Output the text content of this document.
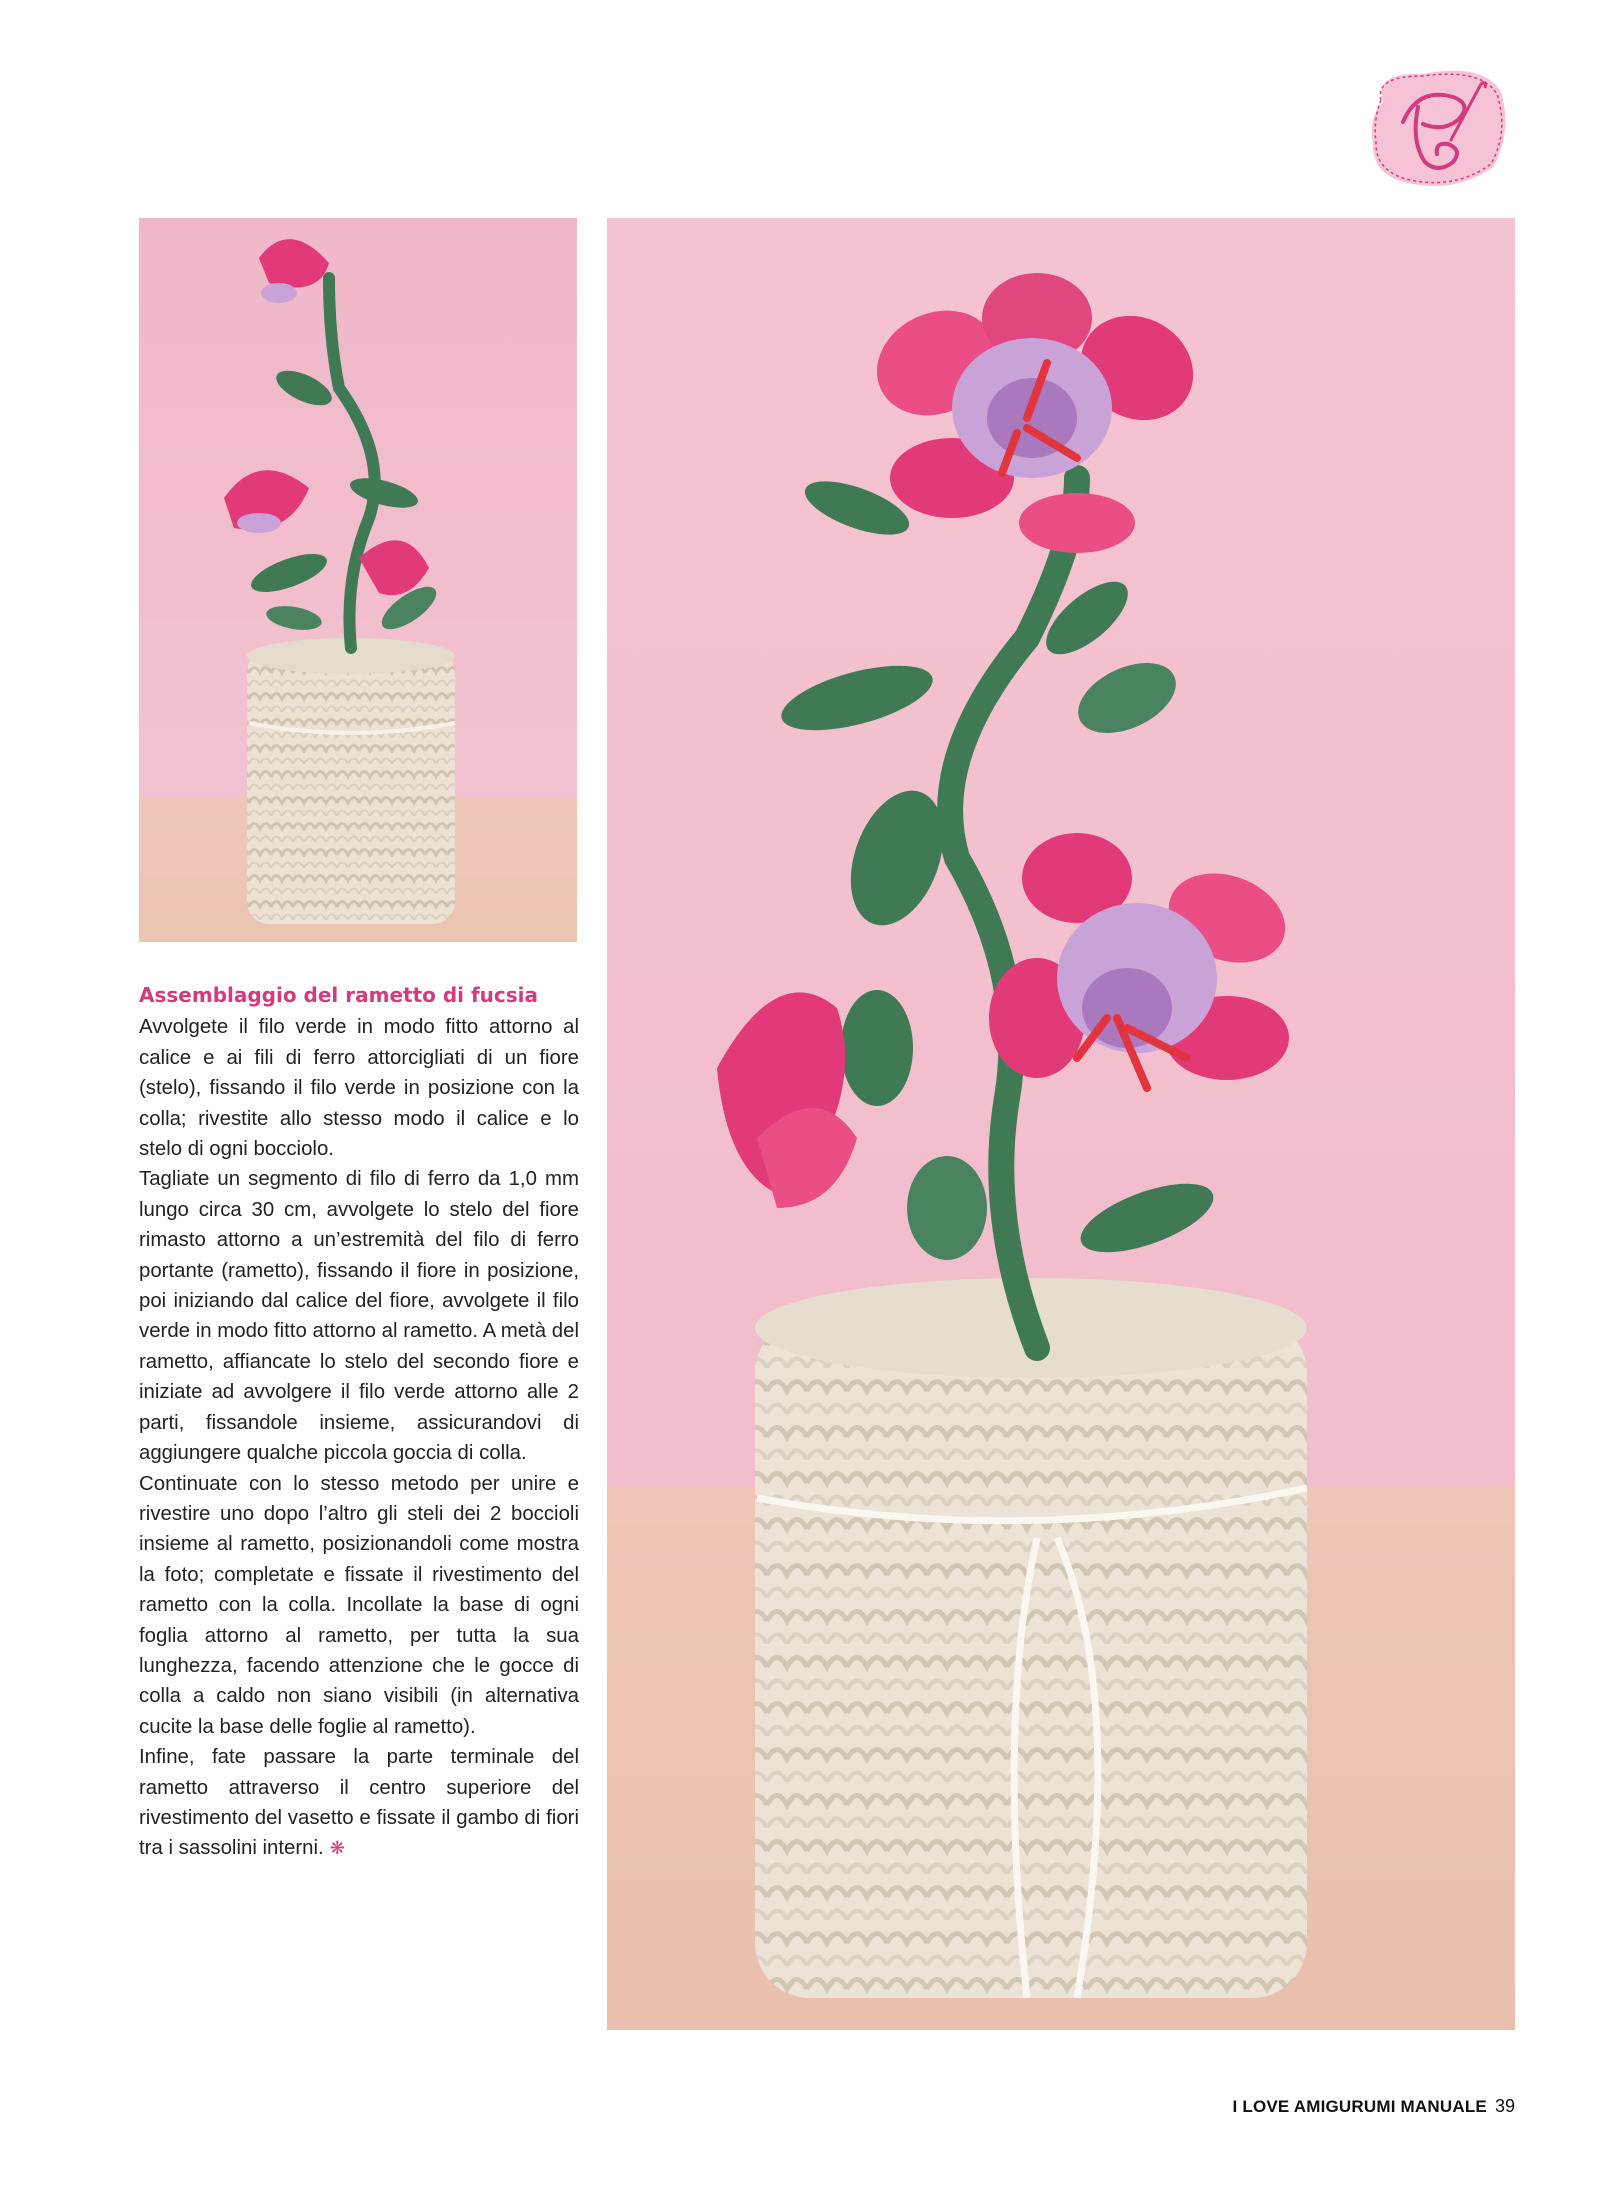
Assemblaggio del rametto di fucsia

Avvolgete il filo verde in modo fitto attorno al calice e ai fili di ferro attorcigliati di un fiore (stelo), fissando il filo verde in posizione con la colla; rivestite allo stesso modo il calice e lo stelo di ogni bocciolo.

Tagliate un segmento di filo di ferro da 1,0 mm lungo circa 30 cm, avvolgete lo stelo del fiore rimasto attorno a un’estremità del filo di ferro portante (rametto), fissando il fiore in posizione, poi iniziando dal calice del fiore, avvolgete il filo verde in modo fitto attorno al rametto. A metà del rametto, affiancate lo stelo del secondo fiore e iniziate ad avvolgere il filo verde attorno alle 2 parti, fissandole insieme, assicurandovi di aggiungere qualche piccola goccia di colla.

Continuate con lo stesso metodo per unire e rivestire uno dopo l’altro gli steli dei 2 boccioli insieme al rametto, posizionandoli come mostra la foto; completate e fissate il rivestimento del rametto con la colla. Incollate la base di ogni foglia attorno al rametto, per tutta la sua lunghezza, facendo attenzione che le gocce di colla a caldo non siano visibili (in alternativa cucite la base delle foglie al rametto).

Infine, fate passare la parte terminale del rametto attraverso il centro superiore del rivestimento del vasetto e fissate il gambo di fiori tra i sassolini interni. ❋

I LOVE AMIGURUMI MANUALE 39
